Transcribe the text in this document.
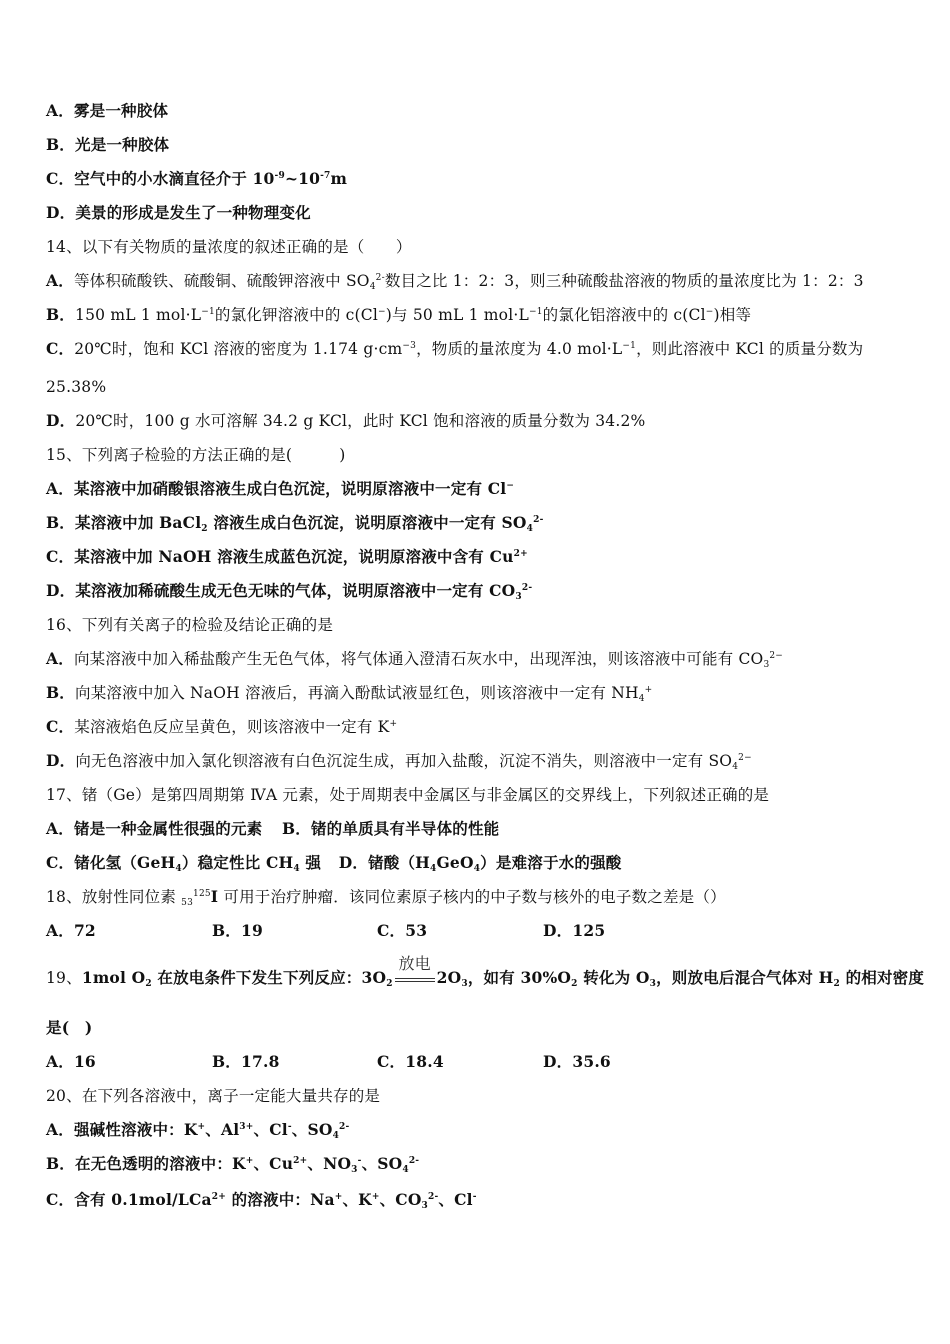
A．雾是一种胶体
B．光是一种胶体
C．空气中的小水滴直径介于 $10^{-9}\sim 10^{-7}m$
D．美景的形成是发生了一种物理变化
14、以下有关物质的量浓度的叙述正确的是（　　）
A．等体积硫酸铁、硫酸铜、硫酸钾溶液中 $SO_4^{2-}$数目之比 1：2：3，则三种硫酸盐溶液的物质的量浓度比为 1：2：3
B．150 mL 1 $mol\cdot L^{-1}$的氯化钾溶液中的 c(Cl−)与 50 mL 1 $mol\cdot L^{-1}$的氯化铝溶液中的 c(Cl−)相等
C．20℃时，饱和 KCl 溶液的密度为 1.174 $g\cdot cm^{-3}$，物质的量浓度为 4.0 $mol\cdot L^{-1}$，则此溶液中 KCl 的质量分数为
25.38%
D．20℃时，100 g 水可溶解 34.2 g KCl，此时 KCl 饱和溶液的质量分数为 34.2%
15、下列离子检验的方法正确的是(　　　)
A．某溶液中加硝酸银溶液生成白色沉淀，说明原溶液中一定有 Cl−
B．某溶液中加 BaCl$_2$ 溶液生成白色沉淀，说明原溶液中一定有 $SO_4^{2-}$
C．某溶液中加 NaOH 溶液生成蓝色沉淀，说明原溶液中含有 $Cu^{2+}$
D．某溶液加稀硫酸生成无色无味的气体，说明原溶液中一定有 $CO_3^{2-}$
16、下列有关离子的检验及结论正确的是
A．向某溶液中加入稀盐酸产生无色气体，将气体通入澄清石灰水中，出现浑浊，则该溶液中可能有 $CO_3^{2-}$
B．向某溶液中加入 NaOH 溶液后，再滴入酚酞试液显红色，则该溶液中一定有 $NH_4^+$
C．某溶液焰色反应呈黄色，则该溶液中一定有 K+
D．向无色溶液中加入氯化钡溶液有白色沉淀生成，再加入盐酸，沉淀不消失，则溶液中一定有 $SO_4^{2-}$
17、锗（Ge）是第四周期第 ⅣA 元素，处于周期表中金属区与非金属区的交界线上，下列叙述正确的是
A．锗是一种金属性很强的元素 B．锗的单质具有半导体的性能
C．锗化氢（GeH$_4$）稳定性比 $CH_4$ 强 D．锗酸$(H_4GeO_4)$是难溶于水的强酸
18、放射性同位素 $53^{125}I$ 可用于治疗肿瘤．该同位素原子核内的中子数与核外的电子数之差是（）
A．72	B．19	C．53	D．125
19、1mol $O_2$ 在放电条件下发生下列反应：$3O_2$
放电
$2O_3$，如有 $30\%O_2$ 转化为 $O_3$，则放电后混合气体对 $H_2$ 的相对密度
是(　)
A．16	B．17.8	C．18.4	D．35.6
20、在下列各溶液中，离子一定能大量共存的是
A．强碱性溶液中：K+、$Al^{3+}$、Cl-、$SO_4^{2-}$
B．在无色透明的溶液中：K+、$Cu^{2+}$、$NO_3^-$、$SO_4^{2-}$
C．含有 0.1mol/LCa$^{2+}$ 的溶液中：Na+、K+、$CO_3^{2-}$、Cl-
